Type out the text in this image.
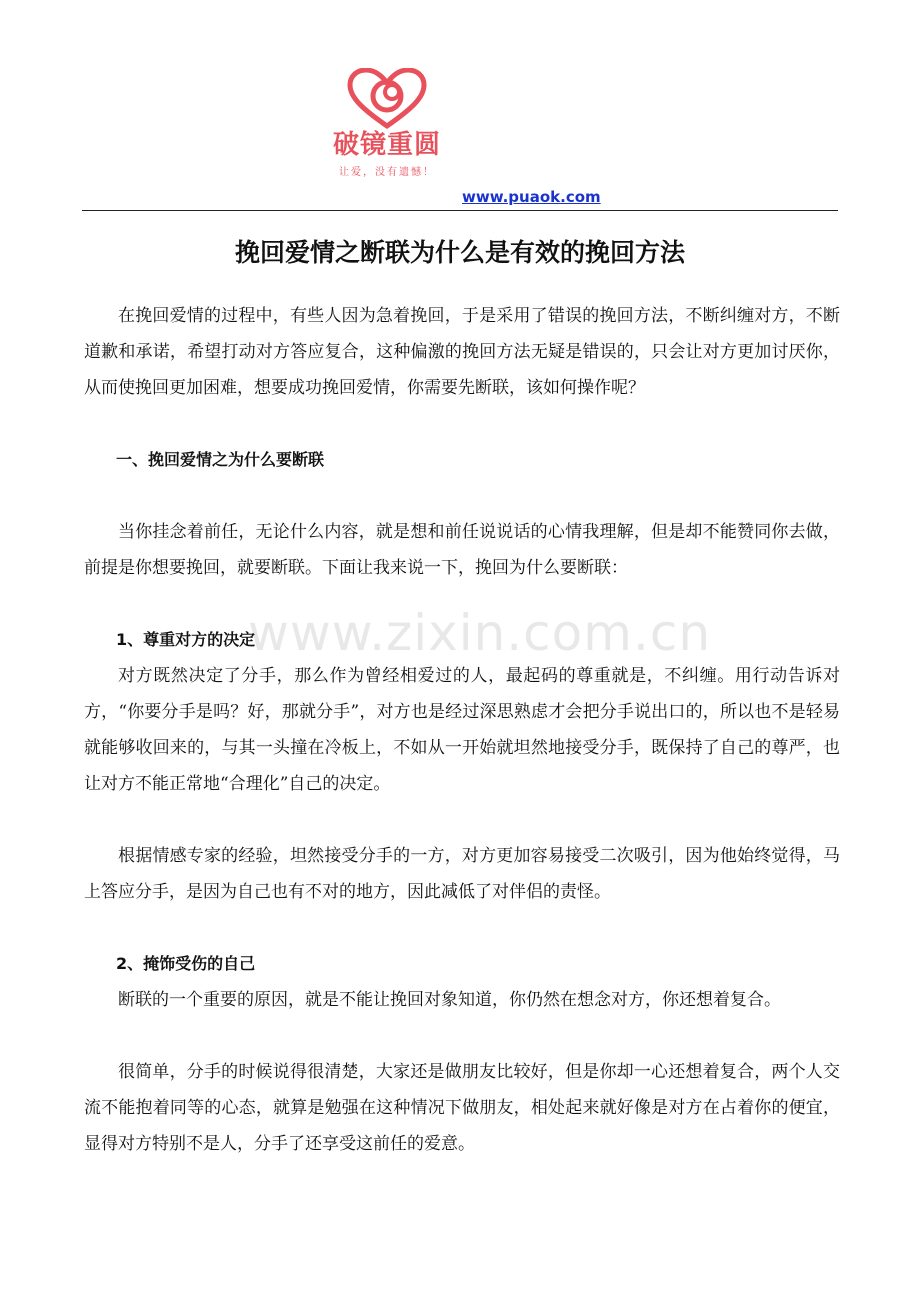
破镜重圆
让爱，没有遗憾！
www.puaok.com
挽回爱情之断联为什么是有效的挽回方法

在挽回爱情的过程中，有些人因为急着挽回，于是采用了错误的挽回方法，不断纠缠对方，不断道歉和承诺，希望打动对方答应复合，这种偏激的挽回方法无疑是错误的，只会让对方更加讨厌你，从而使挽回更加困难，想要成功挽回爱情，你需要先断联，该如何操作呢？

一、挽回爱情之为什么要断联

当你挂念着前任，无论什么内容，就是想和前任说说话的心情我理解，但是却不能赞同你去做，前提是你想要挽回，就要断联。下面让我来说一下，挽回为什么要断联：

1、尊重对方的决定

对方既然决定了分手，那么作为曾经相爱过的人，最起码的尊重就是，不纠缠。用行动告诉对方，“你要分手是吗？好，那就分手”，对方也是经过深思熟虑才会把分手说出口的，所以也不是轻易就能够收回来的，与其一头撞在冷板上，不如从一开始就坦然地接受分手，既保持了自己的尊严，也让对方不能正常地“合理化”自己的决定。

根据情感专家的经验，坦然接受分手的一方，对方更加容易接受二次吸引，因为他始终觉得，马上答应分手，是因为自己也有不对的地方，因此减低了对伴侣的责怪。

2、掩饰受伤的自己

断联的一个重要的原因，就是不能让挽回对象知道，你仍然在想念对方，你还想着复合。

很简单，分手的时候说得很清楚，大家还是做朋友比较好，但是你却一心还想着复合，两个人交流不能抱着同等的心态，就算是勉强在这种情况下做朋友，相处起来就好像是对方在占着你的便宜，显得对方特别不是人，分手了还享受这前任的爱意。

www.zixin.com.cn
